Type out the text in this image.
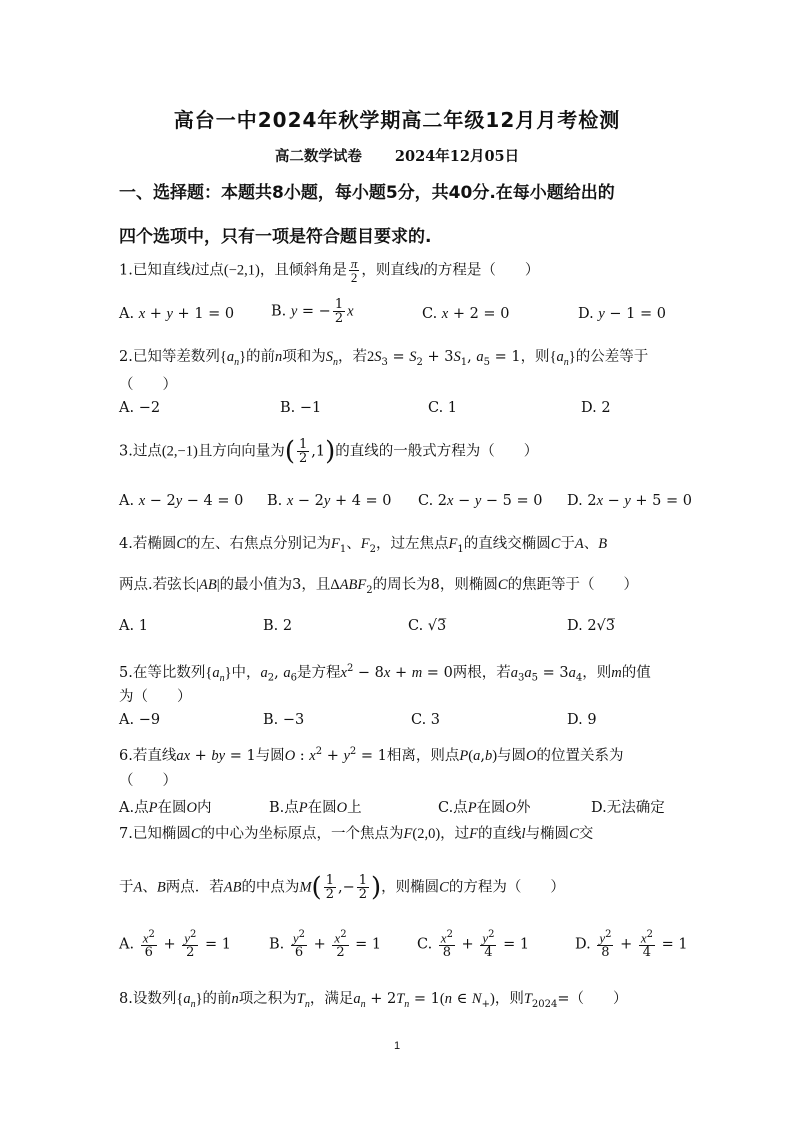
高台一中2024年秋学期高二年级12月月考检测
高二数学试卷 2024年12月05日
一、选择题：本题共8小题，每小题5分，共40分.在每小题给出的
四个选项中，只有一项是符合题目要求的.
1.已知直线l过点(−2,1)，且倾斜角是 $\frac{\pi}{2}$ ，则直线l的方程是（　　）
A. x + y + 1 = 0	B. y = − $\frac{1}{2}$ x	C. x + 2 = 0	D. y − 1 = 0
2.已知等差数列$\{a_n\}$的前n项和为$S_n$，若$2S_3 = S_2 + 3S_1$, $a_5 = 1$，则$\{a_n\}$的公差等于
（　　）
A. −2	B. −1	C. 1	D. 2
3.过点(2,−1)且方向向量为( $\frac{1}{2} ,1$)的直线的一般式方程为（　　）
A. x − 2y − 4 = 0 B. x − 2y + 4 = 0 C. 2x − y − 5 = 0 D. 2x − y + 5 = 0
4.若椭圆C的左、右焦点分别记为$F_1$、$F_2$，过左焦点$F_1$的直线交椭圆C于A、B
两点.若弦长|AB|的最小值为3，且$\Delta ABF_2$的周长为8，则椭圆C的焦距等于（　　）
A. 1	B. 2	C. √3̅	D. 2√3̅
5.在等比数列$\{a_n\}$中，$a_2$, $a_6$是方程$x^2 - 8x + m = 0$两根，若$a_3a_5 = 3a_4$，则m的值
为（　　）
A. −9	B. −3	C. 3	D. 9
6.若直线ax + by = 1与圆O : $x^2 + y^2 = 1$相离，则点P(a,b)与圆O的位置关系为
（　　）
A.点P在圆O内	B.点P在圆O上	C.点P在圆O外	D.无法确定
7.已知椭圆C的中心为坐标原点，一个焦点为F(2,0)，过F的直线l与椭圆C交
于A、B两点．若AB的中点为$M( \frac{1}{2}$ ,− $\frac{1}{2}$ )，则椭圆C的方程为（　　）
A. $\frac{x^2}{6} + \frac{y^2}{2} = 1$	B. $\frac{y^2}{6} + \frac{x^2}{2} = 1$ C. $\frac{x^2}{8} + \frac{y^2}{4} = 1$	D. $\frac{y^2}{8} + \frac{x^2}{4} = 1$
8.设数列$\{a_n\}$的前n项之积为$T_n$，满足$a_n + 2T_n = 1(n$ ∈ $N_+$)，则$T_{2024}=$（　　）
1
